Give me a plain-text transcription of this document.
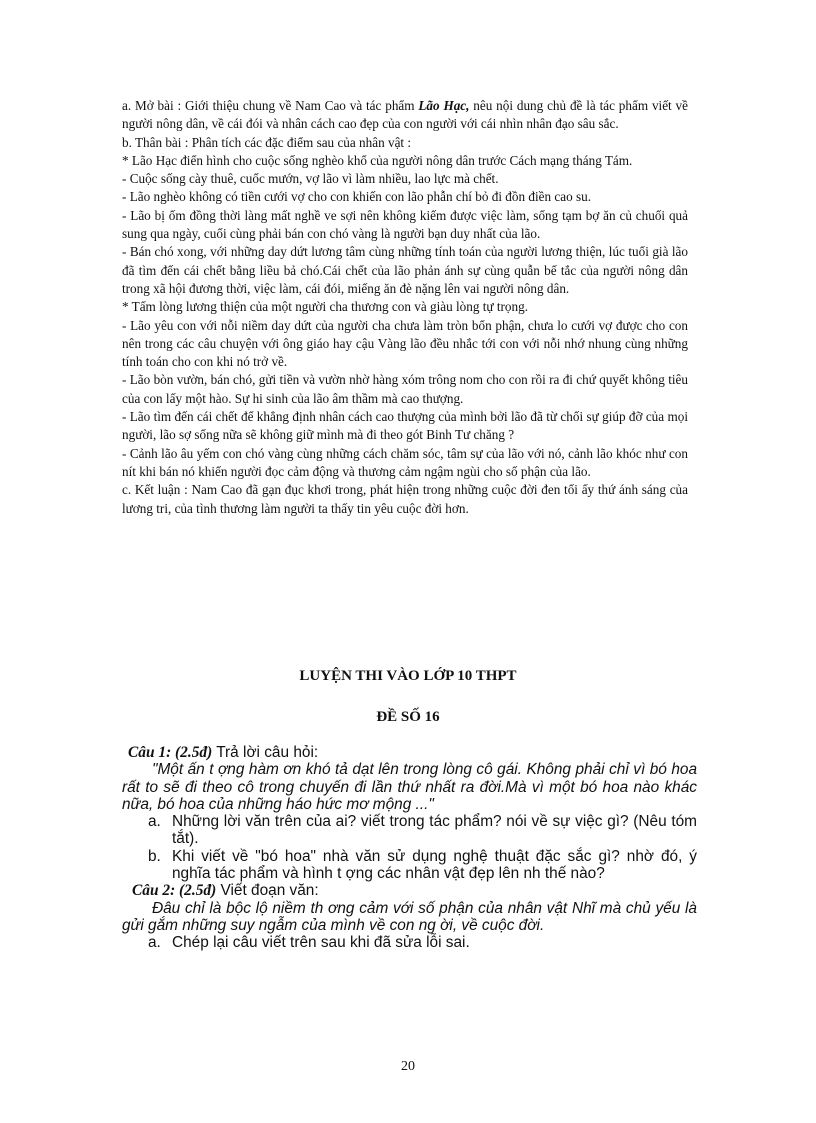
a. Mở bài : Giới thiệu chung về Nam Cao và tác phẩm Lão Hạc, nêu nội dung chủ đề là tác phẩm viết về người nông dân, về cái đói và nhân cách cao đẹp của con người với cái nhìn nhân đạo sâu sắc.

b. Thân bài : Phân tích các đặc điểm sau của nhân vật :

* Lão Hạc điển hình cho cuộc sống nghèo khổ của người nông dân trước Cách mạng tháng Tám.

- Cuộc sống cày thuê, cuốc mướn, vợ lão vì làm nhiều, lao lực mà chết.

- Lão nghèo không có tiền cưới vợ cho con khiến con lão phẫn chí bỏ đi đồn điền cao su.

- Lão bị ốm đồng thời làng mất nghề ve sợi nên không kiếm được việc làm, sống tạm bợ ăn củ chuối quả sung qua ngày, cuối cùng phải bán con chó vàng là người bạn duy nhất của lão.

- Bán chó xong, với những day dứt lương tâm cùng những tính toán của người lương thiện, lúc tuổi già lão đã tìm đến cái chết bằng liều bả chó.Cái chết của lão phản ánh sự cùng quẫn bế tắc của người nông dân trong xã hội đương thời, việc làm, cái đói, miếng ăn đè nặng lên vai người nông dân.

* Tấm lòng lương thiện của một người cha thương con và giàu lòng tự trọng.

- Lão yêu con với nỗi niềm day dứt của người cha chưa làm tròn bổn phận, chưa lo cưới vợ được cho con nên trong các câu chuyện với ông giáo hay cậu Vàng lão đều nhắc tới con với nỗi nhớ nhung cùng những tính toán cho con khi nó trở về.

- Lão bòn vườn, bán chó, gửi tiền và vườn nhờ hàng xóm trông nom cho con rồi ra đi chứ quyết không tiêu của con lấy một hào. Sự hi sinh của lão âm thầm mà cao thượng.

- Lão tìm đến cái chết để khẳng định nhân cách cao thượng của mình bởi lão đã từ chối sự giúp đỡ của mọi người, lão sợ sống nữa sẽ không giữ mình mà đi theo gót Binh Tư chăng ?

- Cảnh lão âu yếm con chó vàng cùng những cách chăm sóc, tâm sự của lão với nó, cảnh lão khóc như con nít khi bán nó khiến người đọc cảm động và thương cảm ngậm ngùi cho số phận của lão.

c. Kết luận : Nam Cao đã gạn đục khơi trong, phát hiện trong những cuộc đời đen tối ấy thứ ánh sáng của lương tri, của tình thương làm người ta thấy tin yêu cuộc đời hơn.

LUYỆN THI VÀO LỚP 10 THPT
ĐỀ SỐ 16

Câu 1: (2.5đ) Trả lời câu hỏi:

"Một ấn t ợng hàm ơn khó tả dạt lên trong lòng cô gái. Không phải chỉ vì bó hoa rất to sẽ đi theo cô trong chuyến đi lần thứ nhất ra đời.Mà vì một bó hoa nào khác nữa, bó hoa của những háo hức mơ mộng ..."

a. Những lời văn trên của ai? viết trong tác phẩm? nói về sự việc gì? (Nêu tóm tắt).
b. Khi viết về "bó hoa" nhà văn sử dụng nghệ thuật đặc sắc gì? nhờ đó, ý nghĩa tác phẩm và hình t ợng các nhân vật đẹp lên nh thế nào?

Câu 2: (2.5đ) Viết đoạn văn:

Đâu chỉ là bộc lộ niềm th ơng cảm với số phận của nhân vật Nhĩ mà chủ yếu là gửi gắm những suy ngẫm của mình về con ng ời, về cuộc đời.

a. Chép lại câu viết trên sau khi đã sửa lỗi sai.
20
